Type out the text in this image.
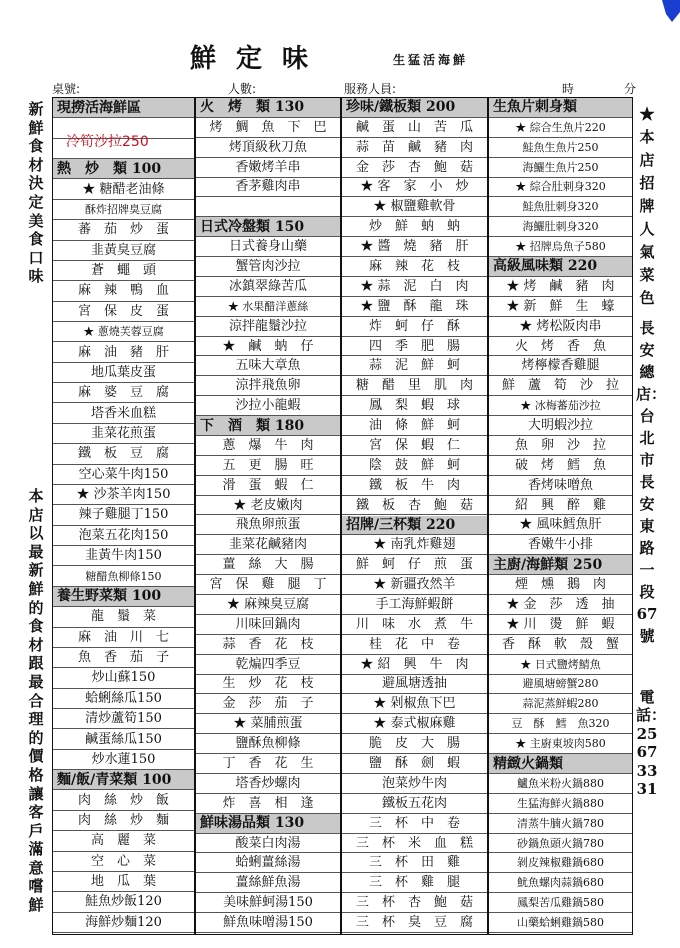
鮮定味	生猛活海鮮
桌號:	人數:	服務人員:	時	分
新鮮食材決定美食口味
本店以最新鮮的食材跟最合理的價格讓客戶滿意嚐鮮
★本店招牌人氣菜色
長安總店：台北市長安東路一段67號
電話：25673331
現撈活海鮮區
熱　炒　類 100
★ 糖醋老油條
酥炸招牌臭豆腐
蕃　茄　炒　蛋
韭黃臭豆腐
蒼　蠅　頭
麻　辣　鴨　血
宮　保　皮　蛋
★ 蔥燒芙蓉豆腐
麻　油　豬　肝
地瓜葉皮蛋
麻　婆　豆　腐
塔香米血糕
韭菜花煎蛋
鐵　板　豆　腐
空心菜牛肉150
★ 沙茶羊肉150
辣子雞腿丁150
泡菜五花肉150
韭黃牛肉150
糖醋魚柳條150
養生野菜類 100
龍　鬚　菜
麻　油　川　七
魚　香　茄　子
炒山蘇150
蛤蜊絲瓜150
清炒蘆筍150
鹹蛋絲瓜150
炒水蓮150
麵/飯/青菜類 100
肉　絲　炒　飯
肉　絲　炒　麵
高　麗　菜
空　心　菜
地　瓜　葉
鮭魚炒飯120
海鮮炒麵120
火　烤　類 130
烤　鯛　魚　下　巴
烤頂級秋刀魚
香嫩烤羊串
香茅雞肉串
日式冷盤類 150
日式養身山藥
蟹管肉沙拉
冰鎮翠綠苦瓜
★ 水果醋洋蔥絲
涼拌龍鬚沙拉
★　鹹　蚋　仔
五味大章魚
涼拌飛魚卵
沙拉小龍蝦
下　酒　類 180
蔥　爆　牛　肉
五　更　腸　旺
滑　蛋　蝦　仁
★ 老皮嫩肉
飛魚卵煎蛋
韭菜花鹹豬肉
薑　絲　大　腸
宮　保　雞　腿　丁
★ 麻辣臭豆腐
川味回鍋肉
蒜　香　花　枝
乾煸四季豆
生　炒　花　枝
金　莎　茄　子
★ 菜脯煎蛋
鹽酥魚柳條
丁　香　花　生
塔香炒螺肉
炸　喜　相　逢
鮮味湯品類 130
酸菜白肉湯
蛤蜊薑絲湯
薑絲鮮魚湯
美味鮮蚵湯150
鮮魚味噌湯150
珍味/鐵板類 200
鹹　蛋　山　苦　瓜
蒜　苗　鹹　豬　肉
金　莎　杏　鮑　菇
★ 客　家　小　炒
★ 椒鹽雞軟骨
炒　鮮　蚋　蚋
★ 醬　燒　豬　肝
麻　辣　花　枝
★ 蒜　泥　白　肉
★ 鹽　酥　龍　珠
炸　蚵　仔　酥
四　季　肥　腸
蒜　泥　鮮　蚵
糖　醋　里　肌　肉
鳳　梨　蝦　球
油　條　鮮　蚵
宮　保　蝦　仁
陰　鼓　鮮　蚵
鐵　板　牛　肉
鐵　板　杏　鮑　菇
招牌/三杯類 220
★ 南乳炸雞翅
鮮　蚵　仔　煎　蛋
★ 新疆孜然羊
手工海鮮蝦餅
川　味　水　煮　牛
桂　花　中　卷
★ 紹　興　牛　肉
避風塘透抽
★ 剁椒魚下巴
★ 泰式椒麻雞
脆　皮　大　腸
鹽　酥　劍　蝦
泡菜炒牛肉
鐵板五花肉
三　杯　中　卷
三　杯　米　血　糕
三　杯　田　雞
三　杯　雞　腿
三　杯　杏　鮑　菇
三　杯　臭　豆　腐
生魚片刺身類
★ 綜合生魚片220
鮭魚生魚片250
海鱺生魚片250
★ 綜合肚刺身320
鮭魚肚刺身320
海鱺肚刺身320
★ 招牌烏魚子580
高級風味類 220
★ 烤　鹹　豬　肉
★ 新　鮮　生　蠔
★ 烤松阪肉串
火　烤　香　魚
烤檸檬香雞腿
鮮　蘆　筍　沙　拉
★ 冰梅蕃茄沙拉
大明蝦沙拉
魚　卵　沙　拉
破　烤　鱈　魚
香烤味噌魚
紹　興　醉　雞
★ 風味鱈魚肝
香嫩牛小排
主廚/海鮮類 250
煙　燻　鵝　肉
★ 金　莎　透　抽
★ 川　燙　鮮　蝦
香　酥　軟　殼　蟹
★ 日式鹽烤鯖魚
避風塘螃蟹280
蒜泥蒸鮮蝦280
豆　酥　鱈　魚320
★ 主廚東坡肉580
精緻火鍋類
鱸魚米粉火鍋880
生猛海鮮火鍋880
清蒸牛腩火鍋780
砂鍋魚頭火鍋780
剝皮辣椒雞鍋680
魷魚螺肉蒜鍋680
鳳梨苦瓜雞鍋580
山藥蛤蜊雞鍋580
冷筍沙拉250
